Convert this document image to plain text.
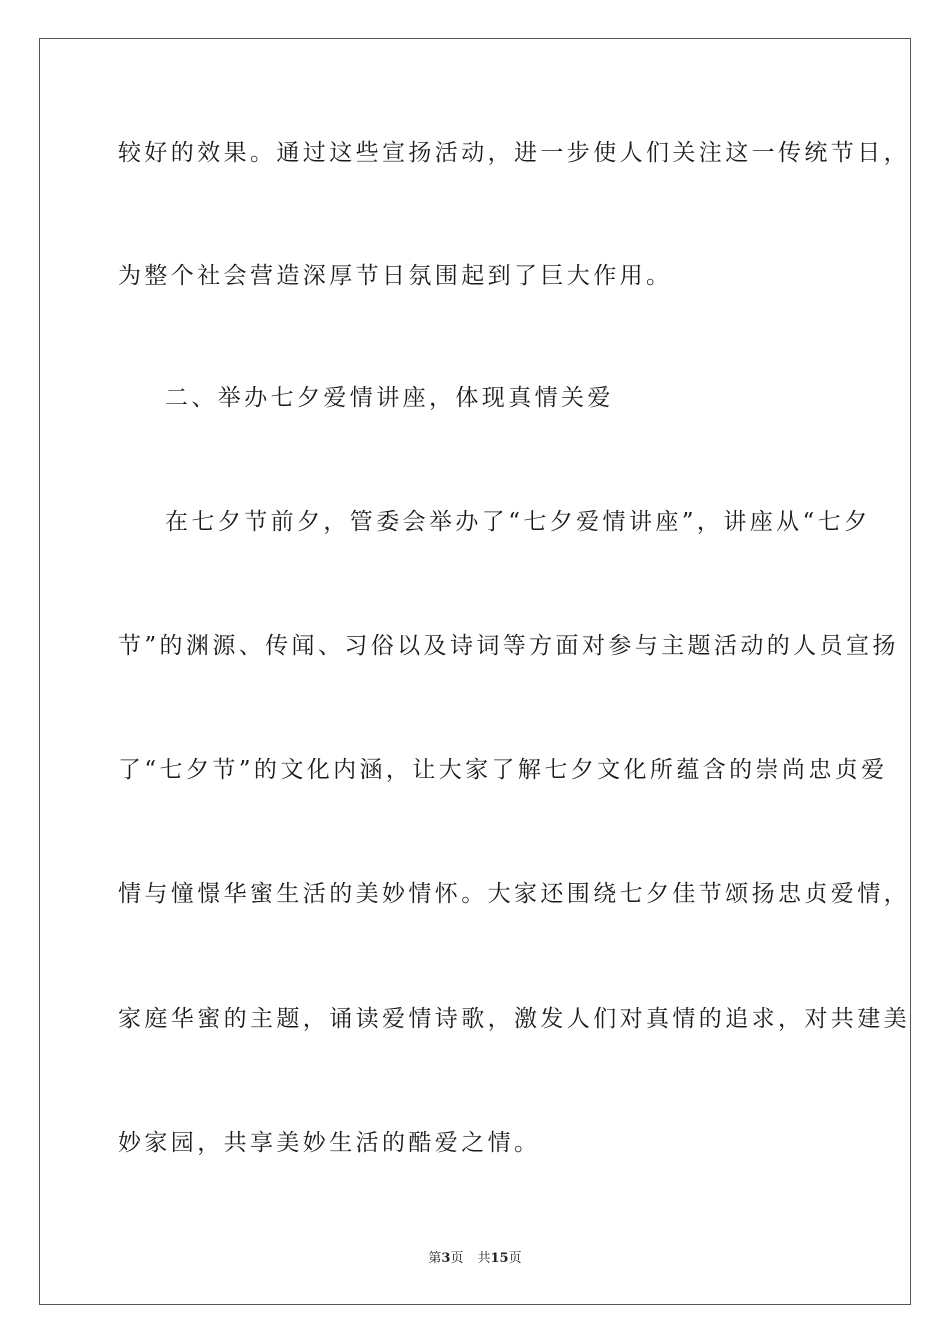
较好的效果。通过这些宣扬活动，进一步使人们关注这一传统节日，
为整个社会营造深厚节日氛围起到了巨大作用。
二、举办七夕爱情讲座，体现真情关爱
在七夕节前夕，管委会举办了“七夕爱情讲座”，讲座从“七夕
节”的渊源、传闻、习俗以及诗词等方面对参与主题活动的人员宣扬
了“七夕节”的文化内涵，让大家了解七夕文化所蕴含的崇尚忠贞爱
情与憧憬华蜜生活的美妙情怀。大家还围绕七夕佳节颂扬忠贞爱情，
家庭华蜜的主题，诵读爱情诗歌，激发人们对真情的追求，对共建美
妙家园，共享美妙生活的酷爱之情。
第3页 共15页
